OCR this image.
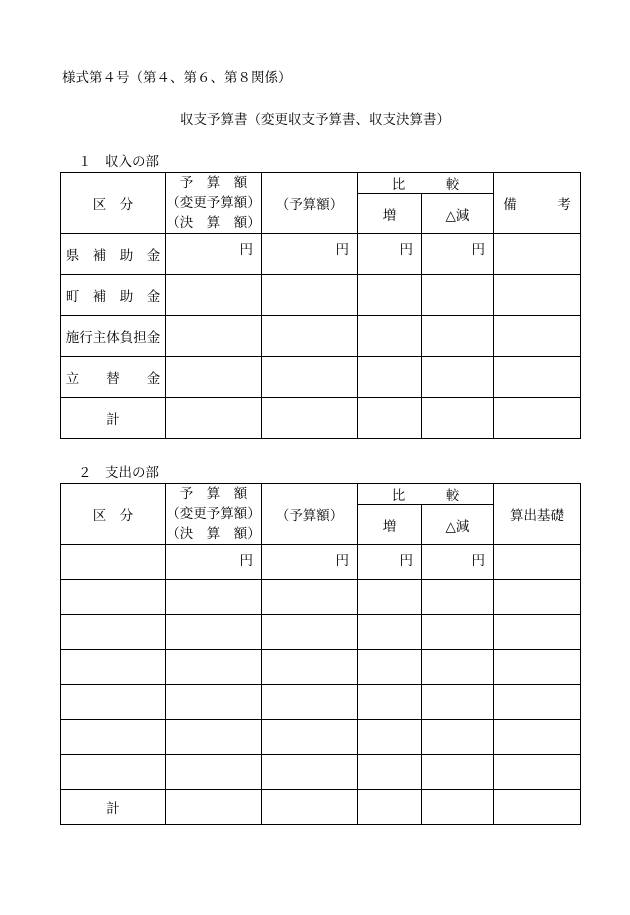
様式第４号（第４、第６、第８関係）
収支予算書（変更収支予算書、収支決算書）
１　収入の部
区　分	予　算　額
（変更予算額）
（決　算　額）	（予算額）	比　　　較		備　　　考
			増	△減	
県　補　助　金	円	円	円	円	
町　補　助　金					
施行主体負担金					
立　　替　　金					
計					
２　支出の部
区　分	予　算　額
（変更予算額）
（決　算　額）	（予算額）	比　　　較		算出基礎
			増	△減	
	円	円	円	円	

計					
